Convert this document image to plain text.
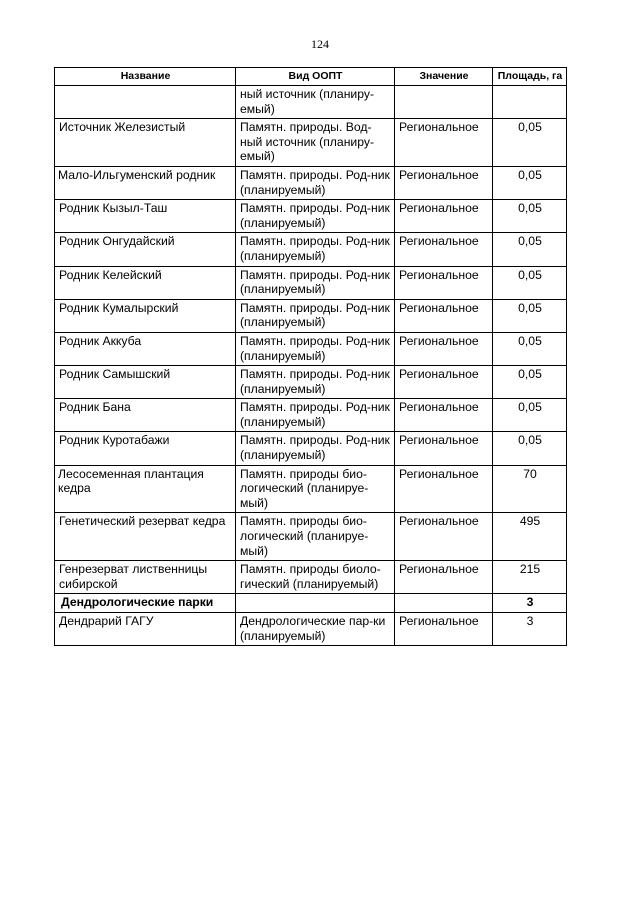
124
Название	Вид ООПТ	Значение	Площадь, га
	ный источник (планиру-емый)		
Источник Железистый	Памятн. природы. Вод-ный источник (планиру-емый)	Региональное	0,05
Мало-Ильгуменский родник	Памятн. природы. Род-ник (планируемый)	Региональное	0,05
Родник Кызыл-Таш	Памятн. природы. Род-ник (планируемый)	Региональное	0,05
Родник Онгудайский	Памятн. природы. Род-ник (планируемый)	Региональное	0,05
Родник Келейский	Памятн. природы. Род-ник (планируемый)	Региональное	0,05
Родник Кумалырский	Памятн. природы. Род-ник (планируемый)	Региональное	0,05
Родник Аккуба	Памятн. природы. Род-ник (планируемый)	Региональное	0,05
Родник Самышский	Памятн. природы. Род-ник (планируемый)	Региональное	0,05
Родник Бана	Памятн. природы. Род-ник (планируемый)	Региональное	0,05
Родник Куротабажи	Памятн. природы. Род-ник (планируемый)	Региональное	0,05
Лесосеменная плантация кедра	Памятн. природы био-логический (планируе-мый)	Региональное	70
Генетический резерват кедра	Памятн. природы био-логический (планируе-мый)	Региональное	495
Генрезерват лиственницы сибирской	Памятн. природы биоло-гический (планируемый)	Региональное	215
Дендрологические парки			3
Дендрарий ГАГУ	Дендрологические пар-ки (планируемый)	Региональное	3
